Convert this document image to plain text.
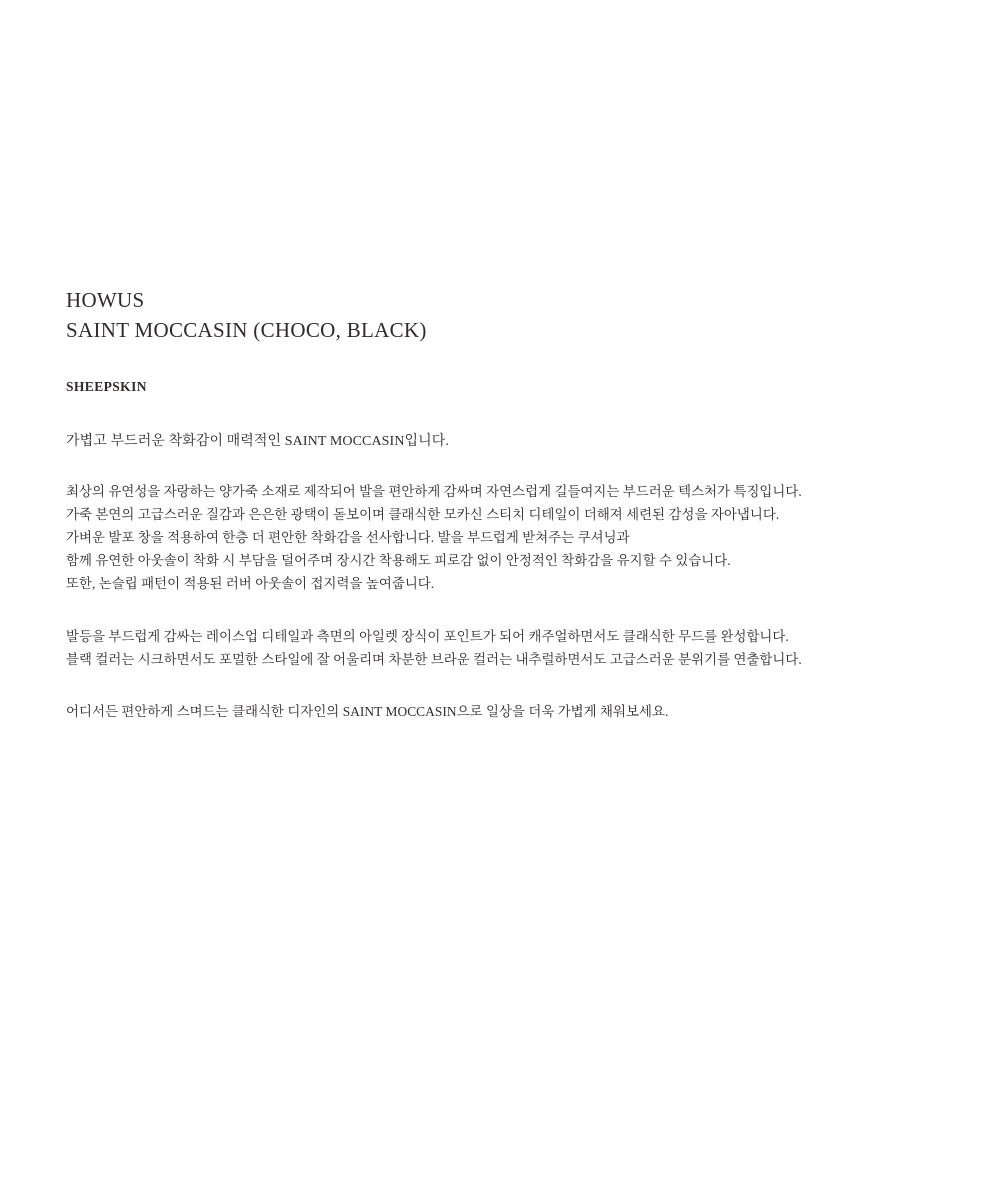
HOWUS
SAINT MOCCASIN (CHOCO, BLACK)
SHEEPSKIN
가볍고 부드러운 착화감이 매력적인 SAINT MOCCASIN입니다.
최상의 유연성을 자랑하는 양가죽 소재로 제작되어 발을 편안하게 감싸며 자연스럽게 길들여지는 부드러운 텍스처가 특징입니다.
가죽 본연의 고급스러운 질감과 은은한 광택이 돋보이며 클래식한 모카신 스티치 디테일이 더해져 세련된 감성을 자아냅니다.
가벼운 발포 창을 적용하여 한층 더 편안한 착화감을 선사합니다. 발을 부드럽게 받쳐주는 쿠셔닝과
함께 유연한 아웃솔이 착화 시 부담을 덜어주며 장시간 착용해도 피로감 없이 안정적인 착화감을 유지할 수 있습니다.
또한, 논슬립 패턴이 적용된 러버 아웃솔이 접지력을 높여줍니다.
발등을 부드럽게 감싸는 레이스업 디테일과 측면의 아일렛 장식이 포인트가 되어 캐주얼하면서도 클래식한 무드를 완성합니다.
블랙 컬러는 시크하면서도 포멀한 스타일에 잘 어울리며 차분한 브라운 컬러는 내추럴하면서도 고급스러운 분위기를 연출합니다.
어디서든 편안하게 스며드는 클래식한 디자인의 SAINT MOCCASIN으로 일상을 더욱 가볍게 채워보세요.
